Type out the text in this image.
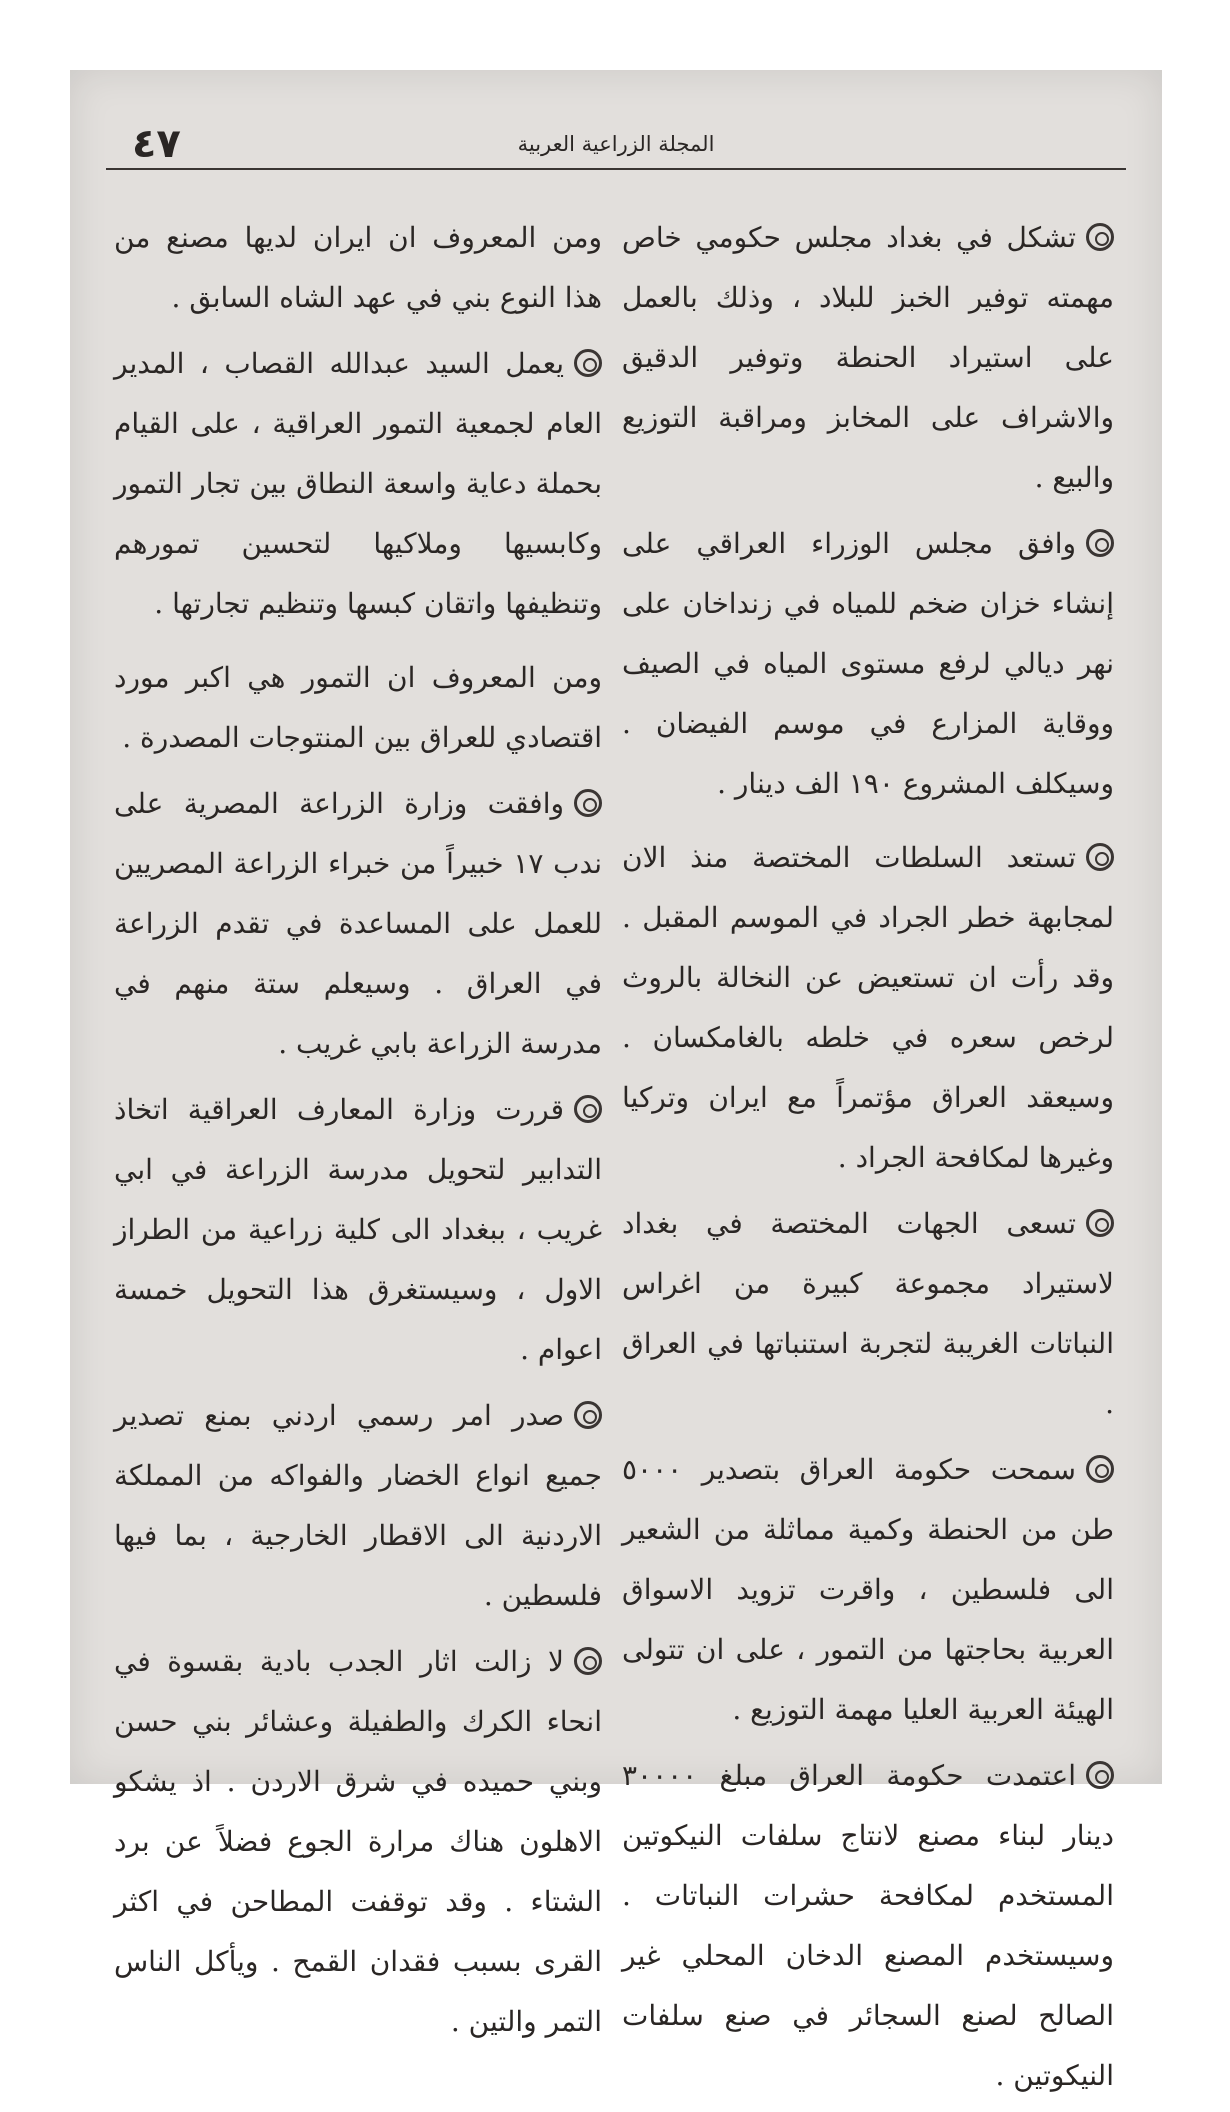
٤٧	المجلة الزراعية العربية

تشكل في بغداد مجلس حكومي خاص مهمته توفير الخبز للبلاد ، وذلك بالعمل على استيراد الحنطة وتوفير الدقيق والاشراف على المخابز ومراقبة التوزيع والبيع .

وافق مجلس الوزراء العراقي على إنشاء خزان ضخم للمياه في زنداخان على نهر ديالي لرفع مستوى المياه في الصيف ووقاية المزارع في موسم الفيضان . وسيكلف المشروع ١٩٠ الف دينار .

تستعد السلطات المختصة منذ الان لمجابهة خطر الجراد في الموسم المقبل . وقد رأت ان تستعيض عن النخالة بالروث لرخص سعره في خلطه بالغامكسان . وسيعقد العراق مؤتمراً مع ايران وتركيا وغيرها لمكافحة الجراد .

تسعى الجهات المختصة في بغداد لاستيراد مجموعة كبيرة من اغراس النباتات الغريبة لتجربة استنباتها في العراق .

سمحت حكومة العراق بتصدير ٥٠٠٠ طن من الحنطة وكمية مماثلة من الشعير الى فلسطين ، واقرت تزويد الاسواق العربية بحاجتها من التمور ، على ان تتولى الهيئة العربية العليا مهمة التوزيع .

اعتمدت حكومة العراق مبلغ ٣٠٠٠٠ دينار لبناء مصنع لانتاج سلفات النيكوتين المستخدم لمكافحة حشرات النباتات . وسيستخدم المصنع الدخان المحلي غير الصالح لصنع السجائر في صنع سلفات النيكوتين .

ومن المعروف ان ايران لديها مصنع من هذا النوع بني في عهد الشاه السابق .

يعمل السيد عبدالله القصاب ، المدير العام لجمعية التمور العراقية ، على القيام بحملة دعاية واسعة النطاق بين تجار التمور وكابسيها وملاكيها لتحسين تمورهم وتنظيفها واتقان كبسها وتنظيم تجارتها .

ومن المعروف ان التمور هي اكبر مورد اقتصادي للعراق بين المنتوجات المصدرة .

وافقت وزارة الزراعة المصرية على ندب ١٧ خبيراً من خبراء الزراعة المصريين للعمل على المساعدة في تقدم الزراعة في العراق . وسيعلم ستة منهم في مدرسة الزراعة بابي غريب .

قررت وزارة المعارف العراقية اتخاذ التدابير لتحويل مدرسة الزراعة في ابي غريب ، ببغداد الى كلية زراعية من الطراز الاول ، وسيستغرق هذا التحويل خمسة اعوام .

صدر امر رسمي اردني بمنع تصدير جميع انواع الخضار والفواكه من المملكة الاردنية الى الاقطار الخارجية ، بما فيها فلسطين .

لا زالت اثار الجدب بادية بقسوة في انحاء الكرك والطفيلة وعشائر بني حسن وبني حميده في شرق الاردن . اذ يشكو الاهلون هناك مرارة الجوع فضلاً عن برد الشتاء . وقد توقفت المطاحن في اكثر القرى بسبب فقدان القمح . ويأكل الناس التمر والتين .
